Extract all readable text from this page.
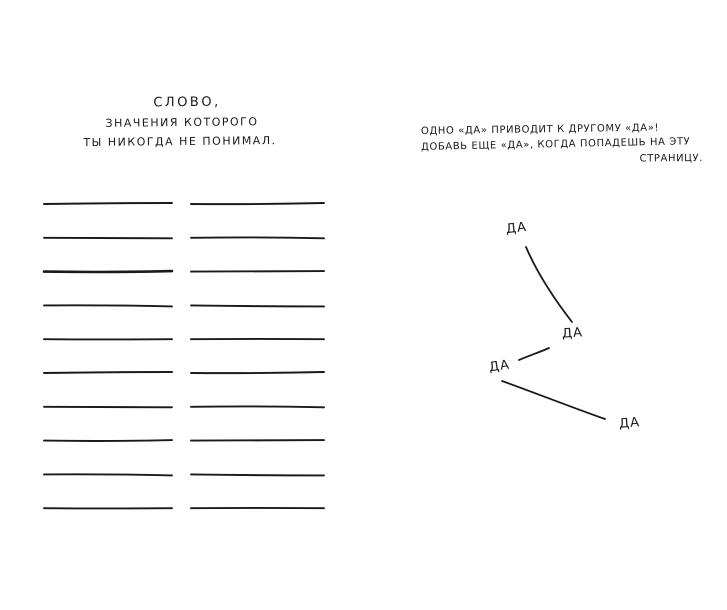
СЛОВО,
ЗНАЧЕНИЯ КОТОРОГО
ТЫ НИКОГДА НЕ ПОНИМАЛ.
ОДНО «ДА» ПРИВОДИТ К ДРУГОМУ «ДА»!
ДОБАВЬ ЕЩЕ «ДА», КОГДА ПОПАДЕШЬ НА ЭТУ
СТРАНИЦУ.
ДА
ДА
ДА
ДА
